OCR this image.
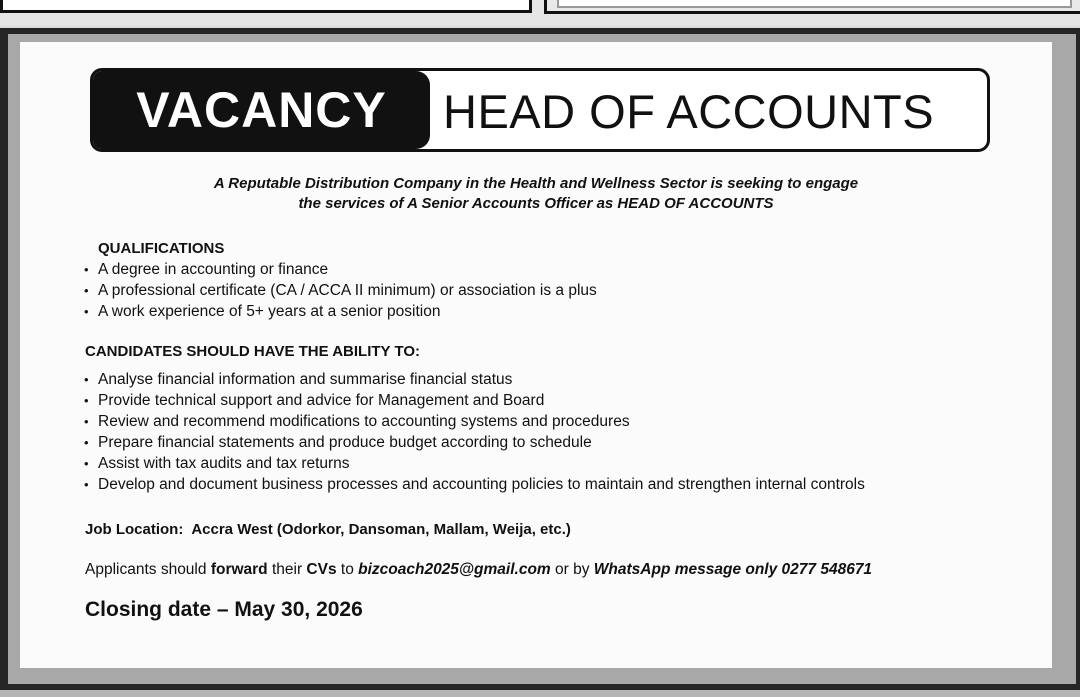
VACANCY	HEAD OF ACCOUNTS
A Reputable Distribution Company in the Health and Wellness Sector is seeking to engage
the services of A Senior Accounts Officer as HEAD OF ACCOUNTS
QUALIFICATIONS
• A degree in accounting or finance
• A professional certificate (CA / ACCA II minimum) or association is a plus
• A work experience of 5+ years at a senior position
CANDIDATES SHOULD HAVE THE ABILITY TO:
• Analyse financial information and summarise financial status
• Provide technical support and advice for Management and Board
• Review and recommend modifications to accounting systems and procedures
• Prepare financial statements and produce budget according to schedule
• Assist with tax audits and tax returns
• Develop and document business processes and accounting policies to maintain and strengthen internal controls
Job Location: Accra West (Odorkor, Dansoman, Mallam, Weija, etc.)
Applicants should forward their CVs to bizcoach2025@gmail.com or by WhatsApp message only 0277 548671
Closing date – May 30, 2026
